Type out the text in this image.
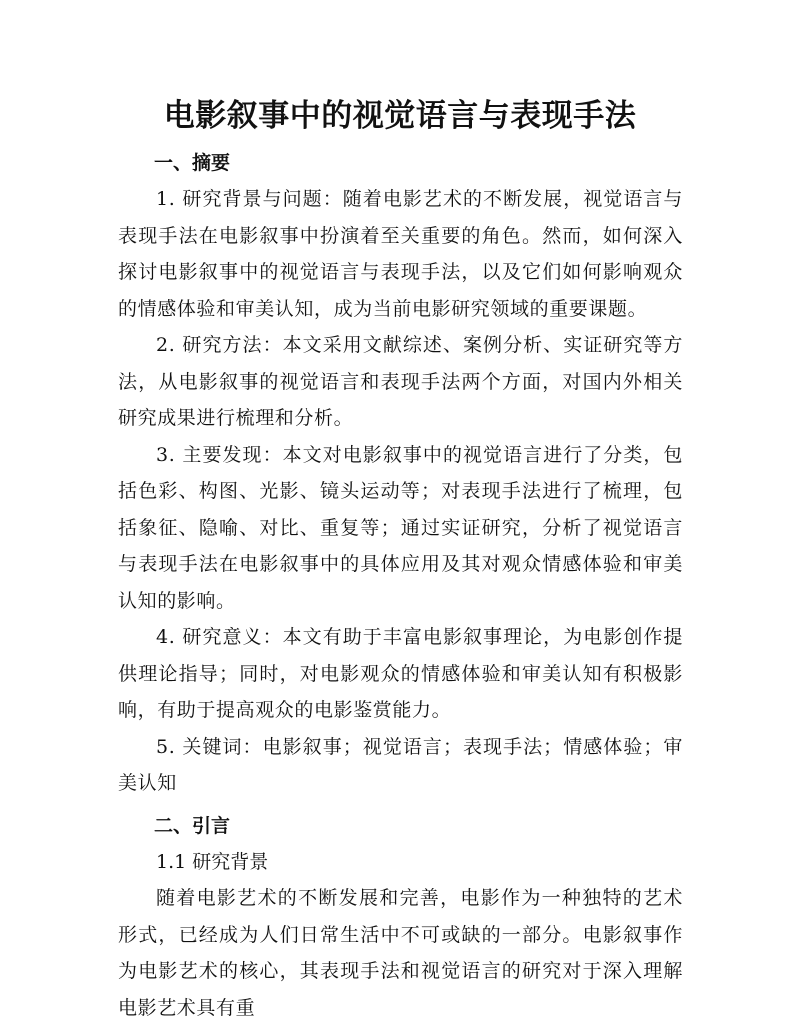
电影叙事中的视觉语言与表现手法
一、摘要

1. 研究背景与问题：随着电影艺术的不断发展，视觉语言与表现手法在电影叙事中扮演着至关重要的角色。然而，如何深入探讨电影叙事中的视觉语言与表现手法，以及它们如何影响观众的情感体验和审美认知，成为当前电影研究领域的重要课题。

2. 研究方法：本文采用文献综述、案例分析、实证研究等方法，从电影叙事的视觉语言和表现手法两个方面，对国内外相关研究成果进行梳理和分析。

3. 主要发现：本文对电影叙事中的视觉语言进行了分类，包括色彩、构图、光影、镜头运动等；对表现手法进行了梳理，包括象征、隐喻、对比、重复等；通过实证研究，分析了视觉语言与表现手法在电影叙事中的具体应用及其对观众情感体验和审美认知的影响。

4. 研究意义：本文有助于丰富电影叙事理论，为电影创作提供理论指导；同时，对电影观众的情感体验和审美认知有积极影响，有助于提高观众的电影鉴赏能力。

5. 关键词：电影叙事；视觉语言；表现手法；情感体验；审美认知

二、引言

1.1 研究背景

随着电影艺术的不断发展和完善，电影作为一种独特的艺术形式，已经成为人们日常生活中不可或缺的一部分。电影叙事作为电影艺术的核心，其表现手法和视觉语言的研究对于深入理解电影艺术具有重
